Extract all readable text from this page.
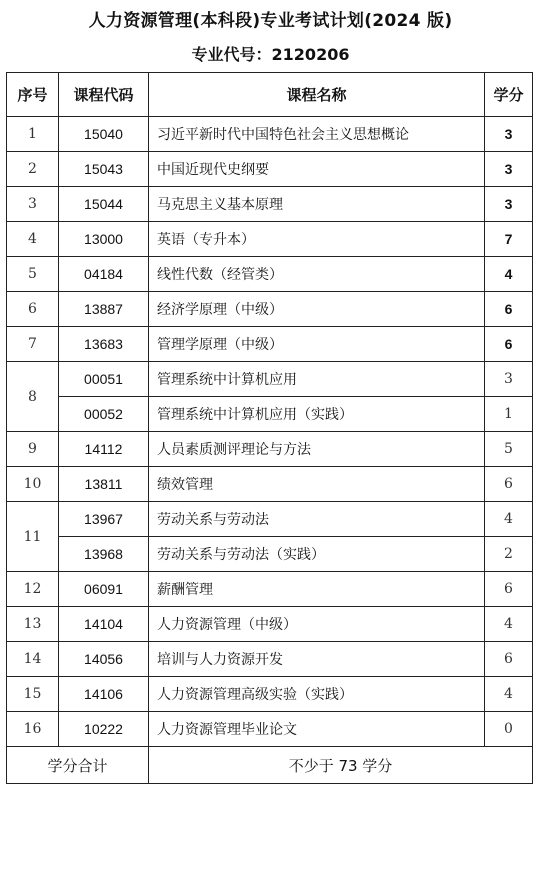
人力资源管理(本科段)专业考试计划(2024 版)
专业代号：2120206
序号	课程代码	课程名称	学分
1	15040	习近平新时代中国特色社会主义思想概论	3
2	15043	中国近现代史纲要	3
3	15044	马克思主义基本原理	3
4	13000	英语（专升本）	7
5	04184	线性代数（经管类）	4
6	13887	经济学原理（中级）	6
7	13683	管理学原理（中级）	6
8	00051	管理系统中计算机应用	3
	00052	管理系统中计算机应用（实践）	1
9	14112	人员素质测评理论与方法	5
10	13811	绩效管理	6
11	13967	劳动关系与劳动法	4
	13968	劳动关系与劳动法（实践）	2
12	06091	薪酬管理	6
13	14104	人力资源管理（中级）	4
14	14056	培训与人力资源开发	6
15	14106	人力资源管理高级实验（实践）	4
16	10222	人力资源管理毕业论文	0
学分合计		不少于 73 学分	
